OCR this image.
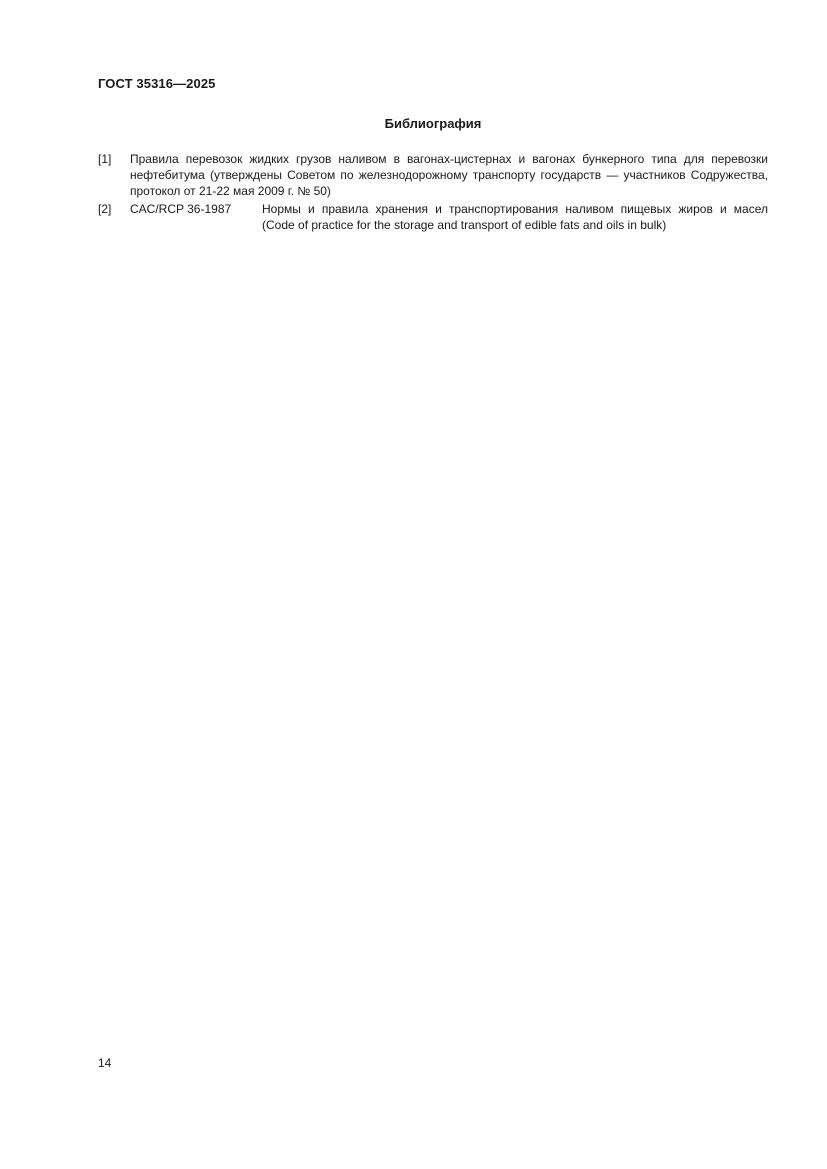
ГОСТ 35316—2025
Библиография
[1] Правила перевозок жидких грузов наливом в вагонах-цистернах и вагонах бункерного типа для перевозки нефтебитума (утверждены Советом по железнодорожному транспорту государств — участников Содружества, протокол от 21-22 мая 2009 г. № 50)
[2] CAC/RCP 36-1987	Нормы и правила хранения и транспортирования наливом пищевых жиров и масел
(Code of practice for the storage and transport of edible fats and oils in bulk)
14
